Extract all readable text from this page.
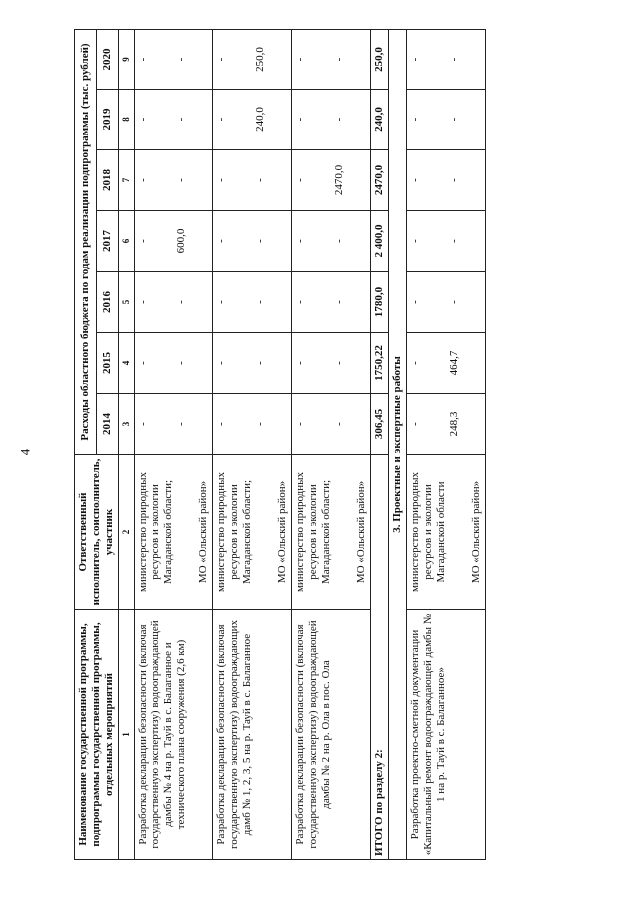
4
Наименование государственной программы, подпрограммы государственной программы, отдельных мероприятий	Ответственный исполнитель, соисполнитель, участник	Расходы областного бюджета по годам реализации подпрограммы (тыс. рублей)						
		2014	2015	2016	2017	2018	2019	2020
1	2	3	4	5	6	7	8	9
Разработка декларации безопасности (включая государственную экспертизу) водоограждающей дамбы № 4 на р. Тауй в с. Балаганное и технического плана сооружения (2,6 км)	министерство природных ресурсов и экологии Магаданской области; МО «Ольский район»	- -	- -	- -	- 600,0	- -	- -	- -

Разработка декларации безопасности (включая государственную экспертизу) водоограждающих дамб № 1, 2, 3, 5 на р. Тауй в с. Балаганное	министерство природных ресурсов и экологии Магаданской области; МО «Ольский район»	- -	- -	- -	- -	- -	- 240,0	- 250,0

Разработка декларации безопасности (включая государственную экспертизу) водоограждающей дамбы № 2 на р. Ола в пос. Ола	министерство природных ресурсов и экологии Магаданской области; МО «Ольский район»	- -	- -	- -	- -	- 2470,0	- -	- -

ИТОГО по разделу 2:		306,45	1750,22	1780,0	2 400,0	2470,0	240,0	250,0
3. Проектные и экспертные работы								
Разработка проектно-сметной документации «Капитальный ремонт водоограждающей дамбы № 1 на р. Тауй в с. Балаганное»	министерство природных ресурсов и экологии Магаданской области МО «Ольский район»	- 248,3	- 464,7	- -	- -	- -	- -	- -
